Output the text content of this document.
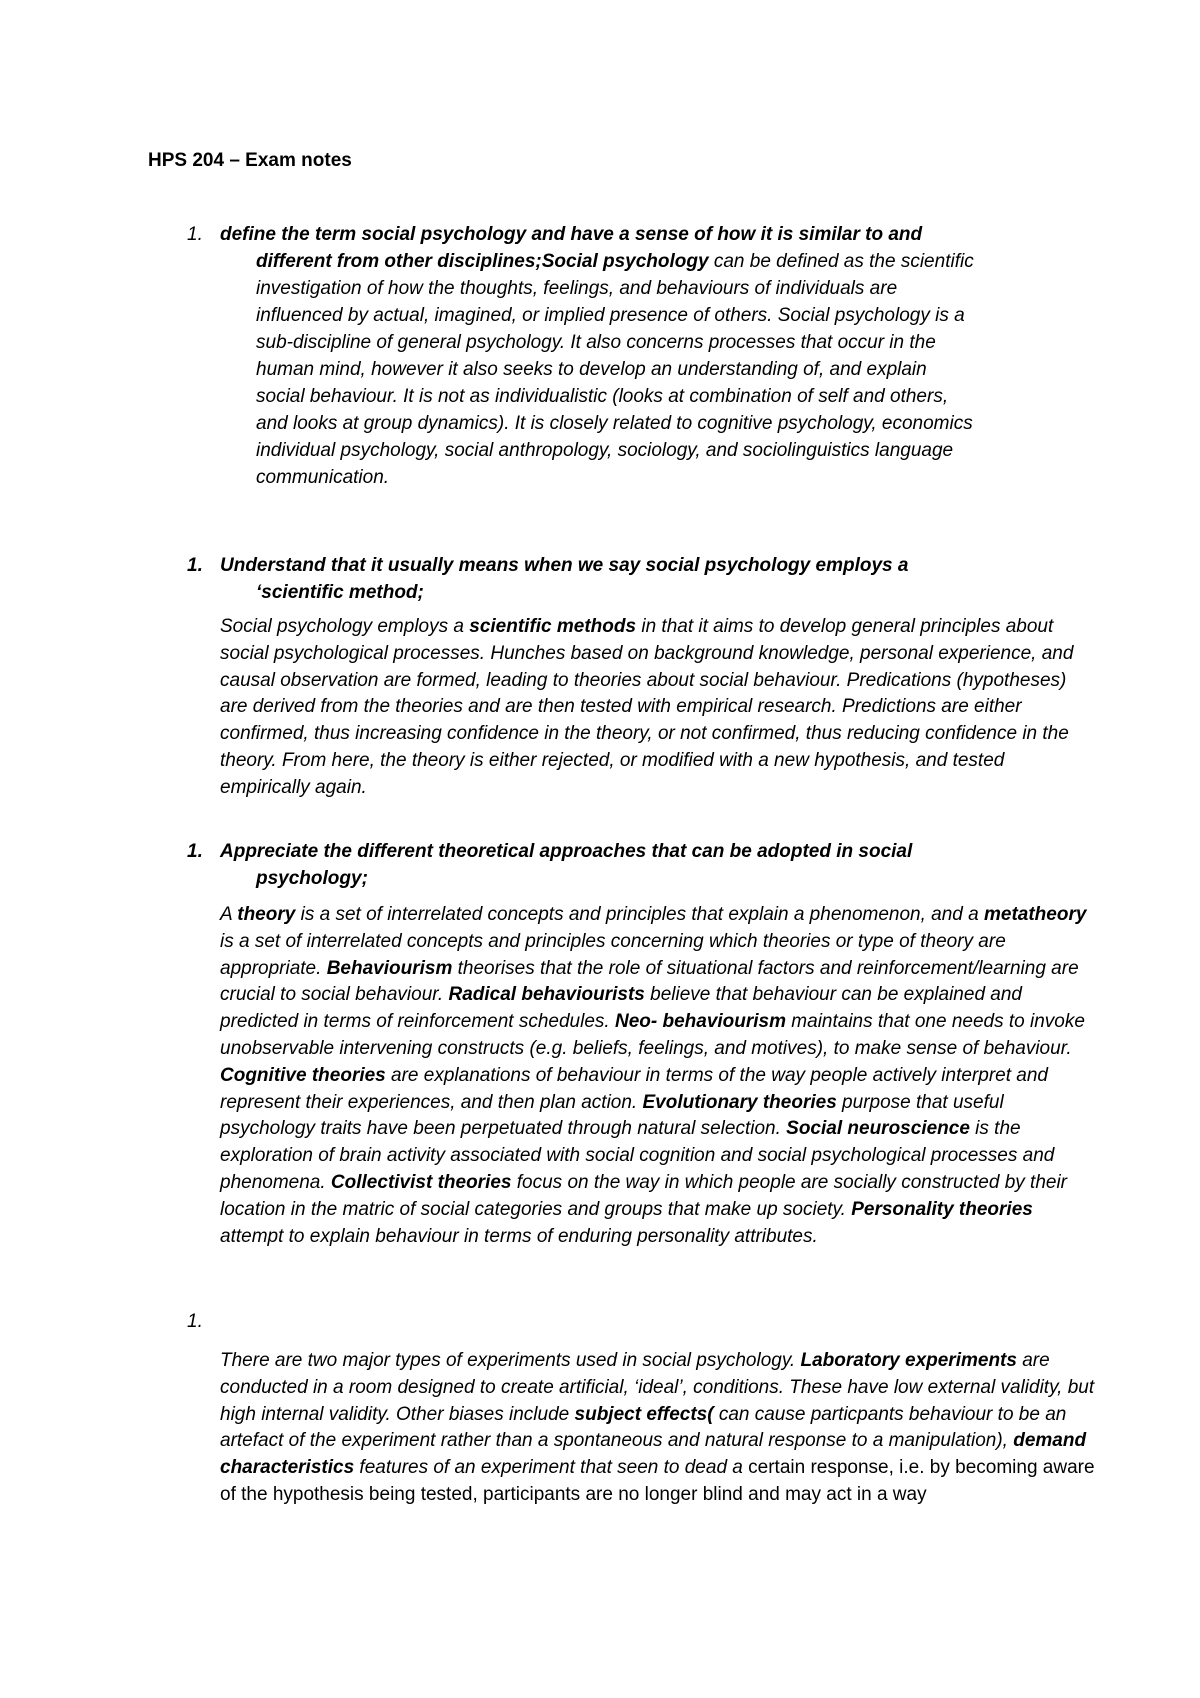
HPS 204 – Exam notes
1. define the term social psychology and have a sense of how it is similar to and

different from other disciplines;Social psychology can be defined as the scientific
investigation of how the thoughts, feelings, and behaviours of individuals are
influenced by actual, imagined, or implied presence of others. Social psychology is a
sub-discipline of general psychology. It also concerns processes that occur in the
human mind, however it also seeks to develop an understanding of, and explain
social behaviour. It is not as individualistic (looks at combination of self and others,
and looks at group dynamics). It is closely related to cognitive psychology, economics
individual psychology, social anthropology, sociology, and sociolinguistics language
communication.
1. Understand that it usually means when we say social psychology employs a

‘scientific method;
Social psychology employs a scientific methods in that it aims to develop general principles about social psychological processes. Hunches based on background knowledge, personal experience, and causal observation are formed, leading to theories about social behaviour. Predications (hypotheses) are derived from the theories and are then tested with empirical research. Predictions are either confirmed, thus increasing confidence in the theory, or not confirmed, thus reducing confidence in the theory. From here, the theory is either rejected, or modified with a new hypothesis, and tested empirically again.
1. Appreciate the different theoretical approaches that can be adopted in social

psychology;
A theory is a set of interrelated concepts and principles that explain a phenomenon, and a metatheory is a set of interrelated concepts and principles concerning which theories or type of theory are appropriate. Behaviourism theorises that the role of situational factors and reinforcement/learning are crucial to social behaviour. Radical behaviourists believe that behaviour can be explained and predicted in terms of reinforcement schedules. Neo- behaviourism maintains that one needs to invoke unobservable intervening constructs (e.g. beliefs, feelings, and motives), to make sense of behaviour. Cognitive theories are explanations of behaviour in terms of the way people actively interpret and represent their experiences, and then plan action. Evolutionary theories purpose that useful psychology traits have been perpetuated through natural selection. Social neuroscience is the exploration of brain activity associated with social cognition and social psychological processes and phenomena. Collectivist theories focus on the way in which people are socially constructed by their location in the matric of social categories and groups that make up society. Personality theories attempt to explain behaviour in terms of enduring personality attributes.
1.
There are two major types of experiments used in social psychology. Laboratory experiments are conducted in a room designed to create artificial, ‘ideal’, conditions. These have low external validity, but high internal validity. Other biases include subject effects( can cause particpants behaviour to be an artefact of the experiment rather than a spontaneous and natural response to a manipulation), demand characteristics features of an experiment that seen to dead a certain response, i.e. by becoming aware of the hypothesis being tested, participants are no longer blind and may act in a way
